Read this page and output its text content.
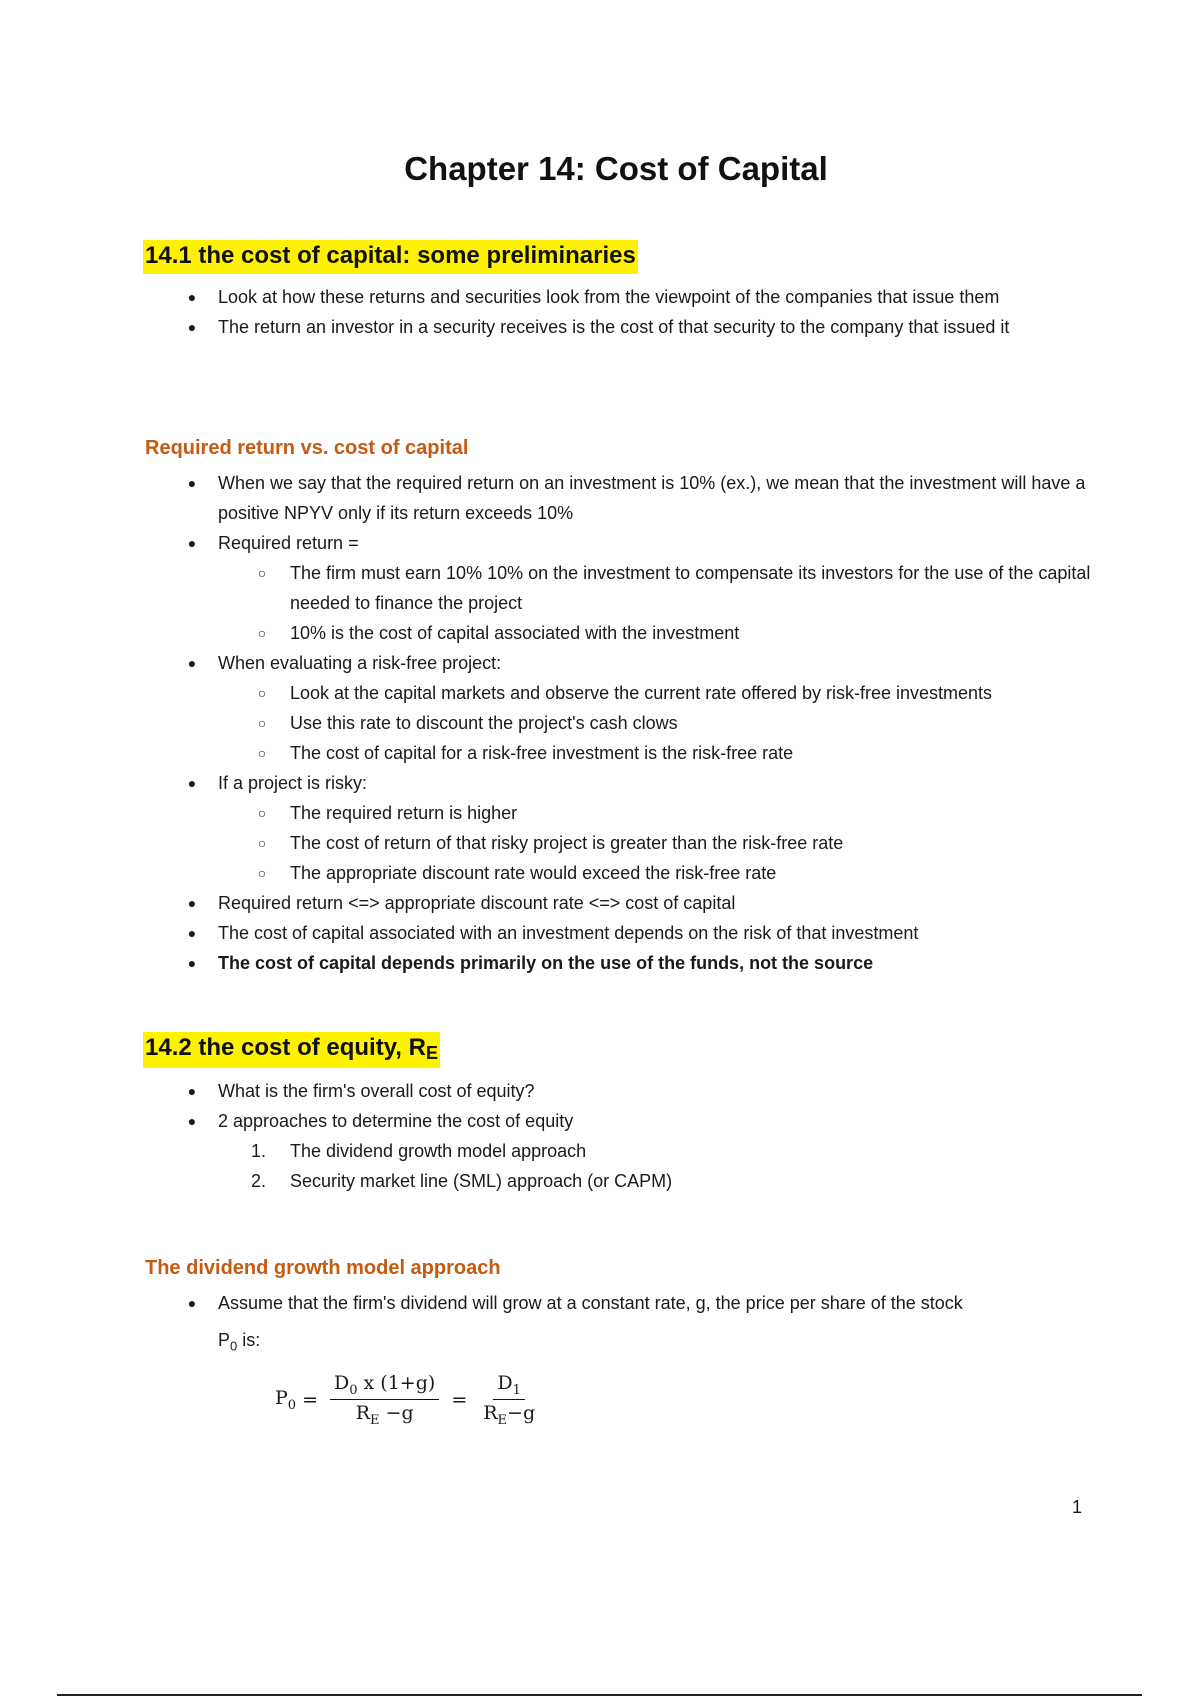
Chapter 14: Cost of Capital
14.1 the cost of capital: some preliminaries
● Look at how these returns and securities look from the viewpoint of the companies that issue them
● The return an investor in a security receives is the cost of that security to the company that issued it
Required return vs. cost of capital
● When we say that the required return on an investment is 10% (ex.), we mean that the investment will have a positive NPYV only if its return exceeds 10%
● Required return =
○ The firm must earn 10% 10% on the investment to compensate its investors for the use of the capital needed to finance the project
○ 10% is the cost of capital associated with the investment
● When evaluating a risk-free project:
○ Look at the capital markets and observe the current rate offered by risk-free investments
○ Use this rate to discount the project's cash clows
○ The cost of capital for a risk-free investment is the risk-free rate
● If a project is risky:
○ The required return is higher
○ The cost of return of that risky project is greater than the risk-free rate
○ The appropriate discount rate would exceed the risk-free rate
● Required return <=> appropriate discount rate <=> cost of capital
● The cost of capital associated with an investment depends on the risk of that investment
● The cost of capital depends primarily on the use of the funds, not the source
14.2 the cost of equity, $R_E$
● What is the firm's overall cost of equity?
● 2 approaches to determine the cost of equity
1. The dividend growth model approach
2. Security market line (SML) approach (or CAPM)
The dividend growth model approach
● Assume that the firm's dividend will grow at a constant rate, g, the price per share of the stock
$P_0$ is:
$P_0 = \frac{D_0 x (1+g)}{R_E -g} = \frac{D_1}{R_E-g}$
1
